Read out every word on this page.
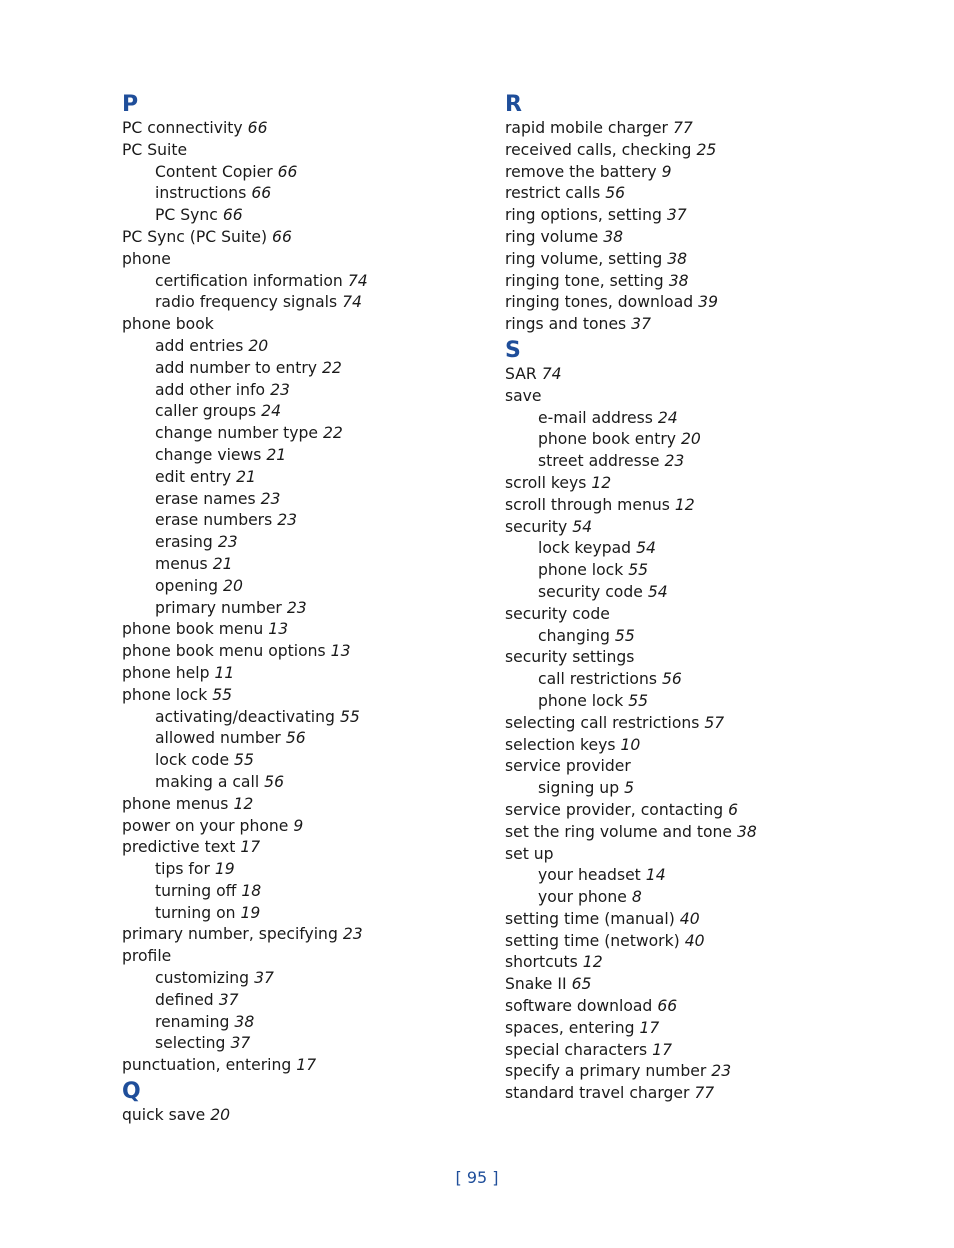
P
PC connectivity 66
PC Suite
Content Copier 66
instructions 66
PC Sync 66
PC Sync (PC Suite) 66
phone
certification information 74
radio frequency signals 74
phone book
add entries 20
add number to entry 22
add other info 23
caller groups 24
change number type 22
change views 21
edit entry 21
erase names 23
erase numbers 23
erasing 23
menus 21
opening 20
primary number 23
phone book menu 13
phone book menu options 13
phone help 11
phone lock 55
activating/deactivating 55
allowed number 56
lock code 55
making a call 56
phone menus 12
power on your phone 9
predictive text 17
tips for 19
turning off 18
turning on 19
primary number, specifying 23
profile
customizing 37
defined 37
renaming 38
selecting 37
punctuation, entering 17
Q
quick save 20
R
rapid mobile charger 77
received calls, checking 25
remove the battery 9
restrict calls 56
ring options, setting 37
ring volume 38
ring volume, setting 38
ringing tone, setting 38
ringing tones, download 39
rings and tones 37
S
SAR 74
save
e-mail address 24
phone book entry 20
street addresse 23
scroll keys 12
scroll through menus 12
security 54
lock keypad 54
phone lock 55
security code 54
security code
changing 55
security settings
call restrictions 56
phone lock 55
selecting call restrictions 57
selection keys 10
service provider
signing up 5
service provider, contacting 6
set the ring volume and tone 38
set up
your headset 14
your phone 8
setting time (manual) 40
setting time (network) 40
shortcuts 12
Snake II 65
software download 66
spaces, entering 17
special characters 17
specify a primary number 23
standard travel charger 77
[ 95 ]
